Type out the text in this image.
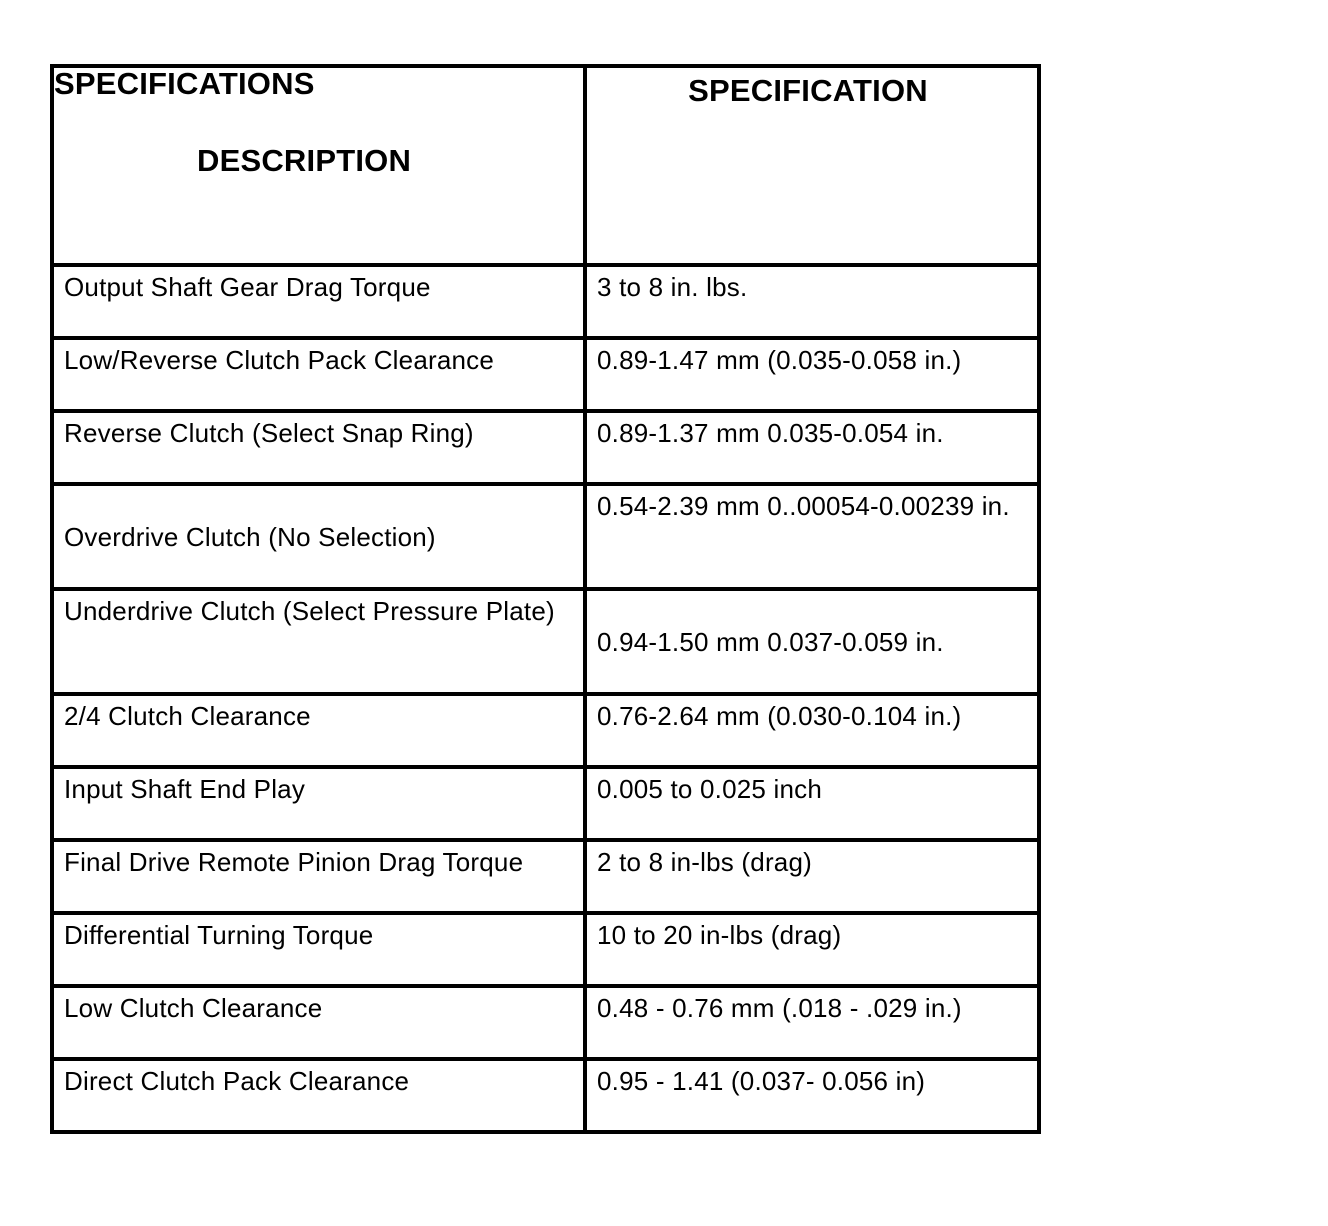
SPECIFICATIONS
DESCRIPTION	SPECIFICATION
Output Shaft Gear Drag Torque	3 to 8 in. lbs.
Low/Reverse Clutch Pack Clearance	0.89-1.47 mm (0.035-0.058 in.)
Reverse Clutch (Select Snap Ring)	0.89-1.37 mm 0.035-0.054 in.
Overdrive Clutch (No Selection)	0.54-2.39 mm 0..00054-0.00239 in.
Underdrive Clutch (Select Pressure Plate)	0.94-1.50 mm 0.037-0.059 in.
2/4 Clutch Clearance	0.76-2.64 mm (0.030-0.104 in.)
Input Shaft End Play	0.005 to 0.025 inch
Final Drive Remote Pinion Drag Torque	2 to 8 in-lbs (drag)
Differential Turning Torque	10 to 20 in-lbs (drag)
Low Clutch Clearance	0.48 - 0.76 mm (.018 - .029 in.)
Direct Clutch Pack Clearance	0.95 - 1.41 (0.037- 0.056 in)
